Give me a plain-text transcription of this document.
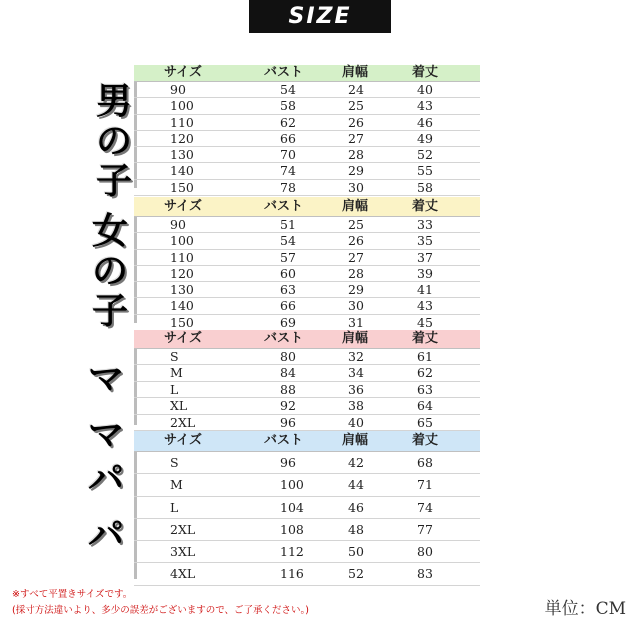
SIZE
男
の
子
女
の
子
マ
マ
パ
パ
サイズ	バスト	肩幅	着丈
90	54	24	40
100	58	25	43
110	62	26	46
120	66	27	49
130	70	28	52
140	74	29	55
150	78	30	58
サイズ	バスト	肩幅	着丈
90	51	25	33
100	54	26	35
110	57	27	37
120	60	28	39
130	63	29	41
140	66	30	43
150	69	31	45
サイズ	バスト	肩幅	着丈
S	80	32	61
M	84	34	62
L	88	36	63
XL	92	38	64
2XL	96	40	65
サイズ	バスト	肩幅	着丈
S	96	42	68
M	100	44	71
L	104	46	74
2XL	108	48	77
3XL	112	50	80
4XL	116	52	83
※すべて平置きサイズです。
(採寸方法違いより、多少の誤差がございますので、ご了承ください。)	単位：CM
